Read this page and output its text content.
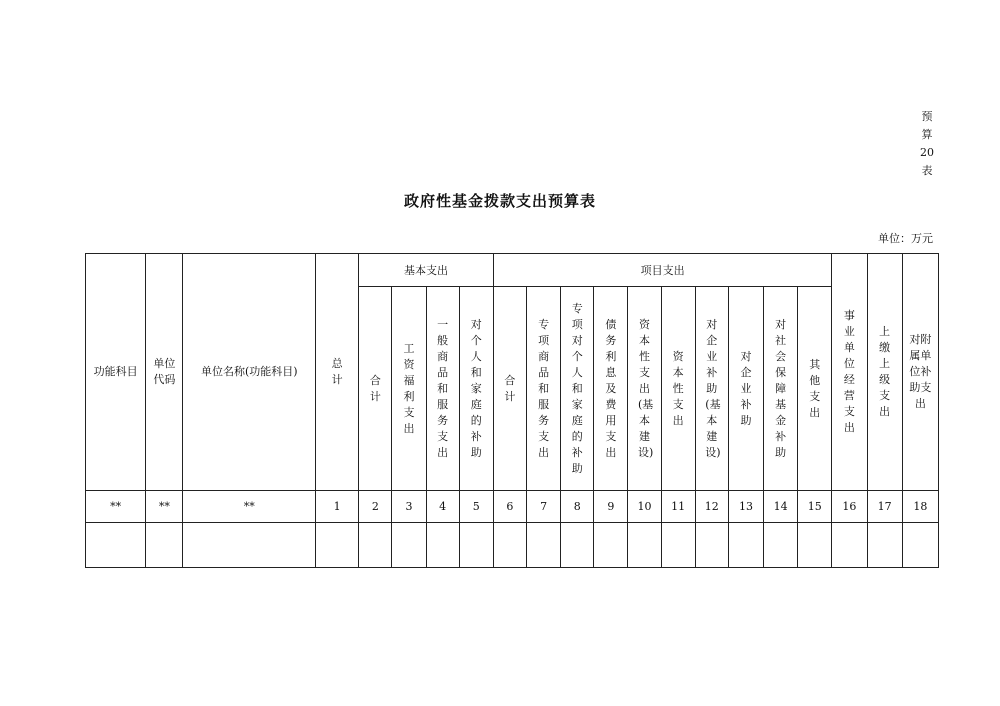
预
算
20
表
政府性基金拨款支出预算表
单位：万元
功能科目	单位代码	单位名称(功能科目)	总计	基本支出				项目支出										事业单位经营支出	上缴上级支出	对附属单位补助支出
				合计	工资福利支出	一般商品和服务支出	对个人和家庭的补助	合计	专项商品和服务支出	专项对个人和家庭的补助	债务利息及费用支出	资本性支出(基本建设)	资本性支出	对企业补助(基本建设)	对企业补助	对社会保障基金补助	其他支出			
**	**	**	1	2	3	4	5	6	7	8	9	10	11	12	13	14	15	16	17	18
